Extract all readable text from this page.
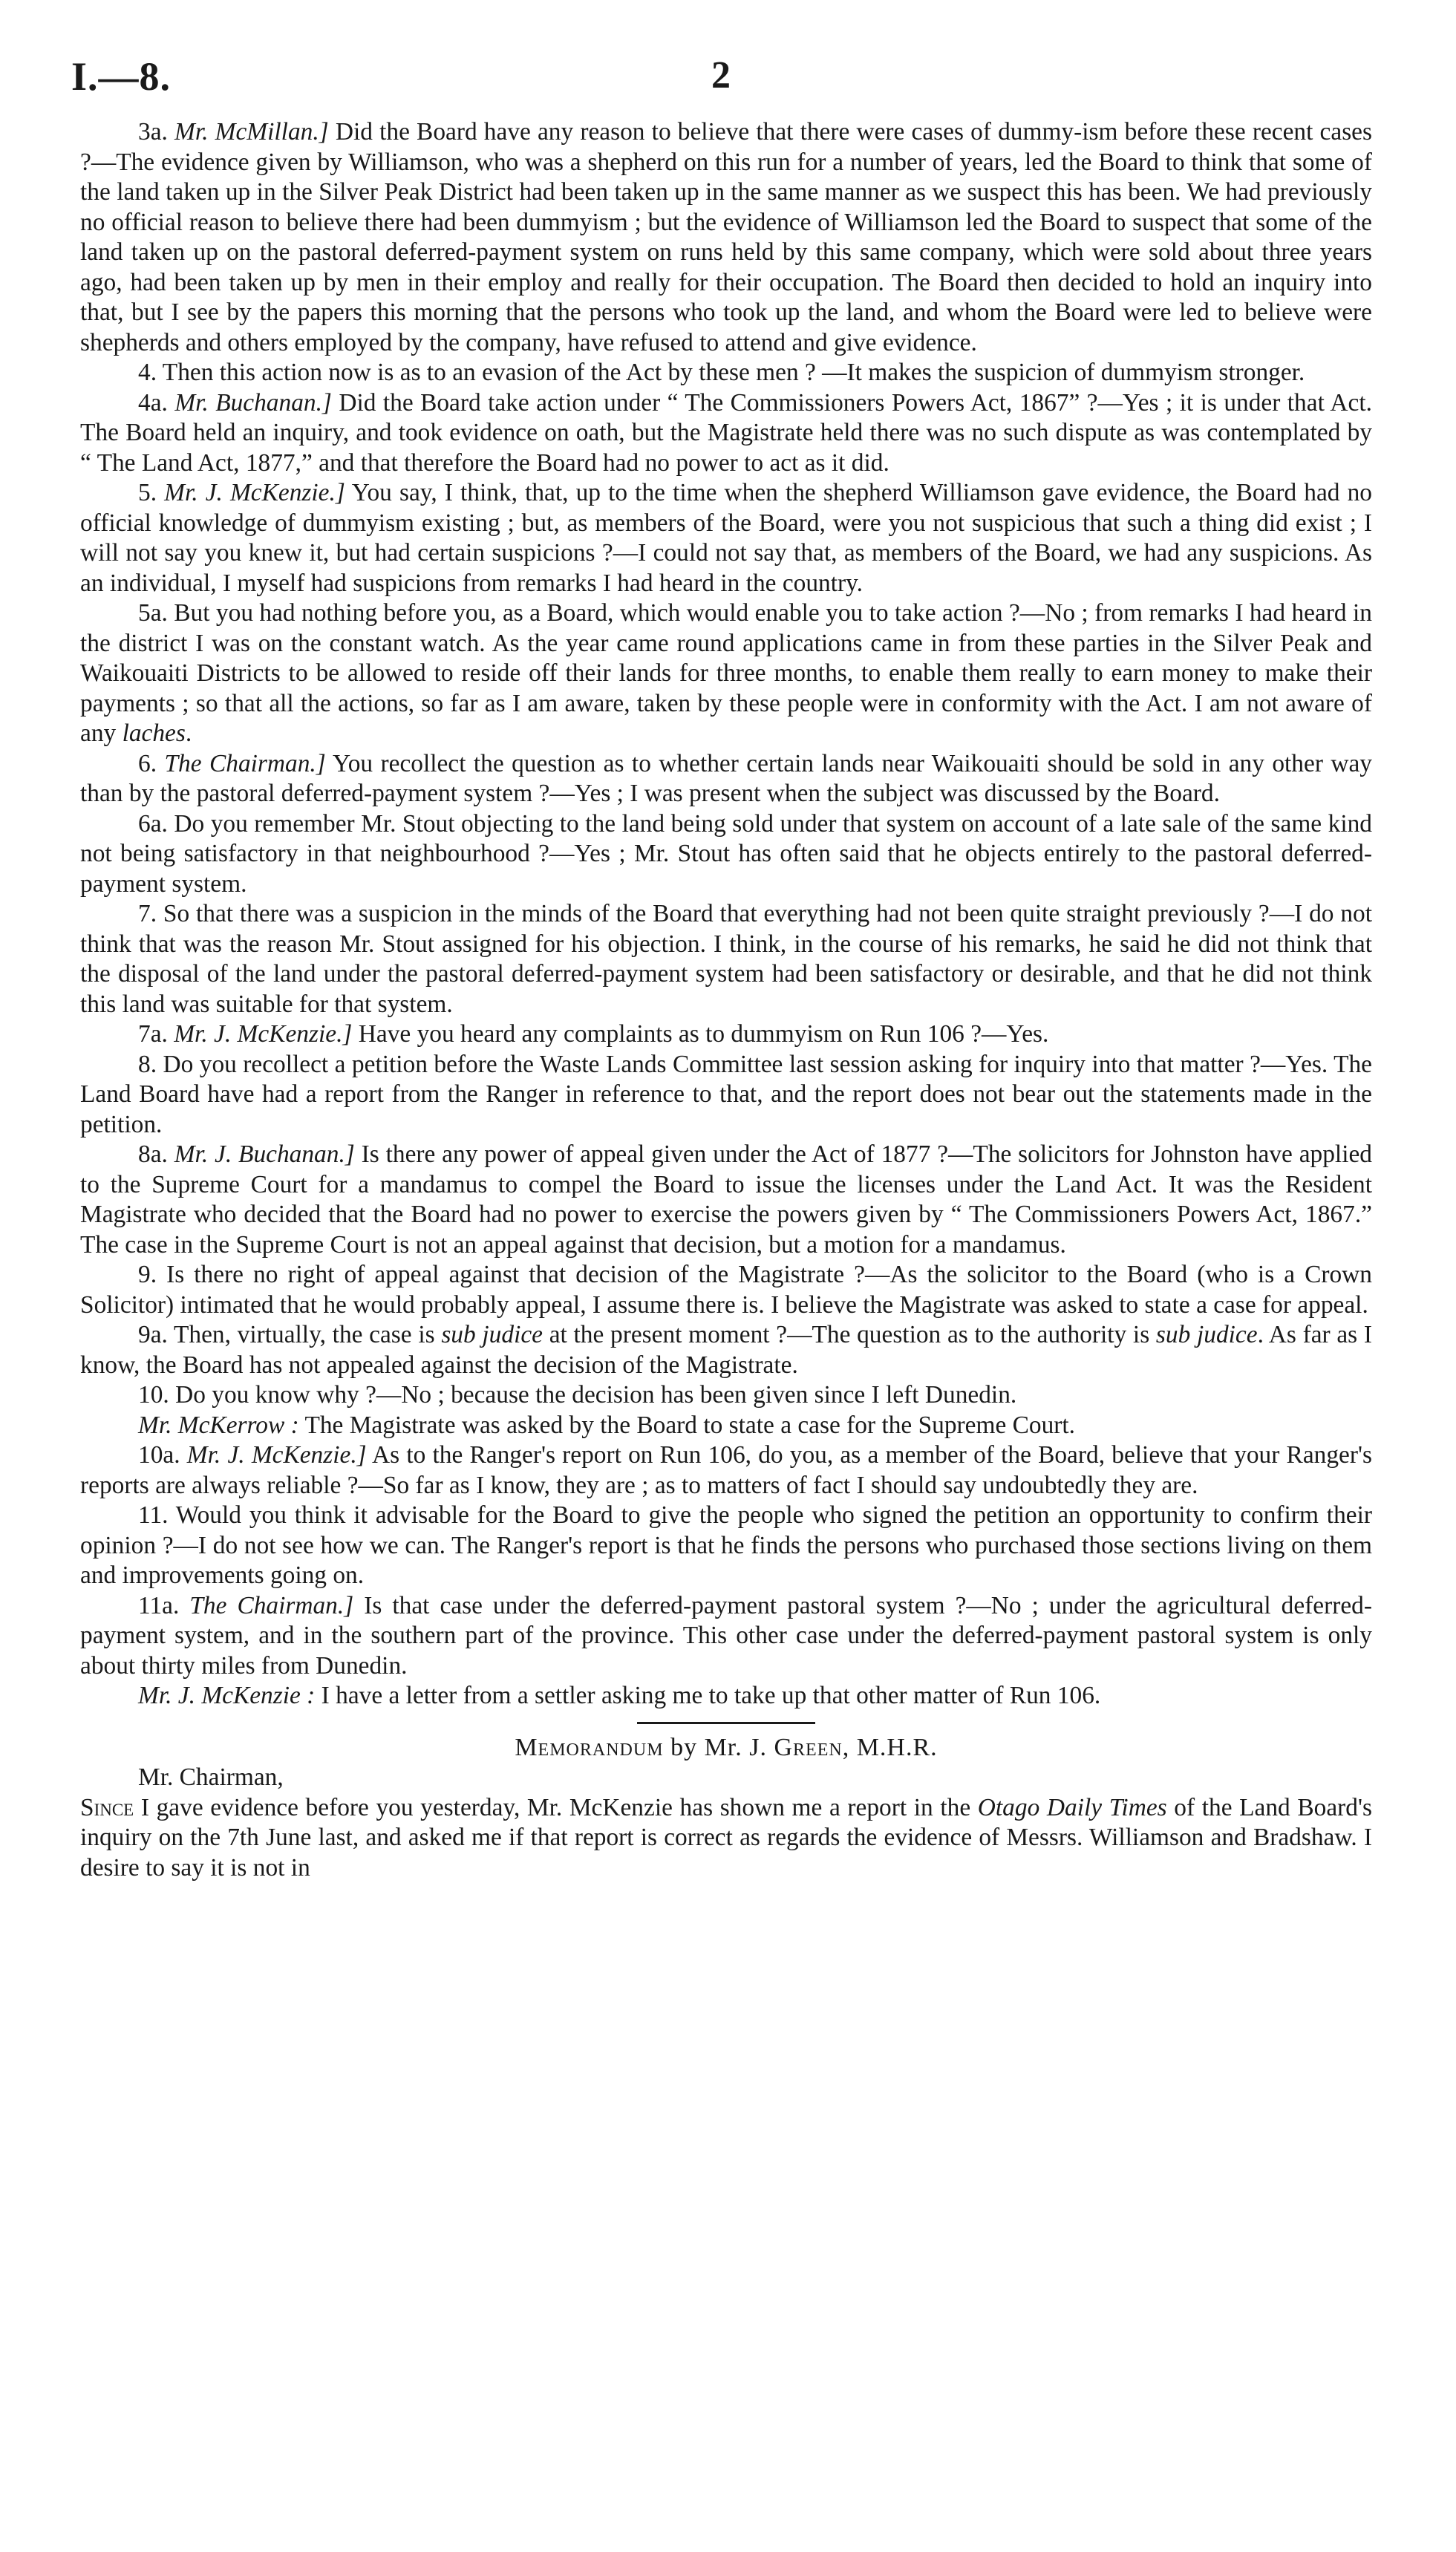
I.—8.	2

3a. Mr. McMillan.] Did the Board have any reason to believe that there were cases of dummy-ism before these recent cases ?—The evidence given by Williamson, who was a shepherd on this run for a number of years, led the Board to think that some of the land taken up in the Silver Peak District had been taken up in the same manner as we suspect this has been. We had previously no official reason to believe there had been dummyism ; but the evidence of Williamson led the Board to suspect that some of the land taken up on the pastoral deferred-payment system on runs held by this same company, which were sold about three years ago, had been taken up by men in their employ and really for their occupation. The Board then decided to hold an inquiry into that, but I see by the papers this morning that the persons who took up the land, and whom the Board were led to believe were shepherds and others employed by the company, have refused to attend and give evidence.

4. Then this action now is as to an evasion of the Act by these men ? —It makes the suspicion of dummyism stronger.

4a. Mr. Buchanan.] Did the Board take action under “ The Commissioners Powers Act, 1867” ?—Yes ; it is under that Act. The Board held an inquiry, and took evidence on oath, but the Magistrate held there was no such dispute as was contemplated by “ The Land Act, 1877,” and that therefore the Board had no power to act as it did.

5. Mr. J. McKenzie.] You say, I think, that, up to the time when the shepherd Williamson gave evidence, the Board had no official knowledge of dummyism existing ; but, as members of the Board, were you not suspicious that such a thing did exist ; I will not say you knew it, but had certain suspicions ?—I could not say that, as members of the Board, we had any suspicions. As an individual, I myself had suspicions from remarks I had heard in the country.

5a. But you had nothing before you, as a Board, which would enable you to take action ?—No ; from remarks I had heard in the district I was on the constant watch. As the year came round applications came in from these parties in the Silver Peak and Waikouaiti Districts to be allowed to reside off their lands for three months, to enable them really to earn money to make their payments ; so that all the actions, so far as I am aware, taken by these people were in conformity with the Act. I am not aware of any laches.

6. The Chairman.] You recollect the question as to whether certain lands near Waikouaiti should be sold in any other way than by the pastoral deferred-payment system ?—Yes ; I was present when the subject was discussed by the Board.

6a. Do you remember Mr. Stout objecting to the land being sold under that system on account of a late sale of the same kind not being satisfactory in that neighbourhood ?—Yes ; Mr. Stout has often said that he objects entirely to the pastoral deferred-payment system.

7. So that there was a suspicion in the minds of the Board that everything had not been quite straight previously ?—I do not think that was the reason Mr. Stout assigned for his objection. I think, in the course of his remarks, he said he did not think that the disposal of the land under the pastoral deferred-payment system had been satisfactory or desirable, and that he did not think this land was suitable for that system.

7a. Mr. J. McKenzie.] Have you heard any complaints as to dummyism on Run 106 ?—Yes.

8. Do you recollect a petition before the Waste Lands Committee last session asking for inquiry into that matter ?—Yes. The Land Board have had a report from the Ranger in reference to that, and the report does not bear out the statements made in the petition.

8a. Mr. J. Buchanan.] Is there any power of appeal given under the Act of 1877 ?—The solicitors for Johnston have applied to the Supreme Court for a mandamus to compel the Board to issue the licenses under the Land Act. It was the Resident Magistrate who decided that the Board had no power to exercise the powers given by “ The Commissioners Powers Act, 1867.” The case in the Supreme Court is not an appeal against that decision, but a motion for a mandamus.

9. Is there no right of appeal against that decision of the Magistrate ?—As the solicitor to the Board (who is a Crown Solicitor) intimated that he would probably appeal, I assume there is. I believe the Magistrate was asked to state a case for appeal.

9a. Then, virtually, the case is sub judice at the present moment ?—The question as to the authority is sub judice. As far as I know, the Board has not appealed against the decision of the Magistrate.

10. Do you know why ?—No ; because the decision has been given since I left Dunedin.

Mr. McKerrow : The Magistrate was asked by the Board to state a case for the Supreme Court.

10a. Mr. J. McKenzie.] As to the Ranger's report on Run 106, do you, as a member of the Board, believe that your Ranger's reports are always reliable ?—So far as I know, they are ; as to matters of fact I should say undoubtedly they are.

11. Would you think it advisable for the Board to give the people who signed the petition an opportunity to confirm their opinion ?—I do not see how we can. The Ranger's report is that he finds the persons who purchased those sections living on them and improvements going on.

11a. The Chairman.] Is that case under the deferred-payment pastoral system ?—No ; under the agricultural deferred-payment system, and in the southern part of the province. This other case under the deferred-payment pastoral system is only about thirty miles from Dunedin.

Mr. J. McKenzie : I have a letter from a settler asking me to take up that other matter of Run 106.

Memorandum by Mr. J. Green, M.H.R.

Mr. Chairman,

Since I gave evidence before you yesterday, Mr. McKenzie has shown me a report in the Otago Daily Times of the Land Board's inquiry on the 7th June last, and asked me if that report is correct as regards the evidence of Messrs. Williamson and Bradshaw. I desire to say it is not in
